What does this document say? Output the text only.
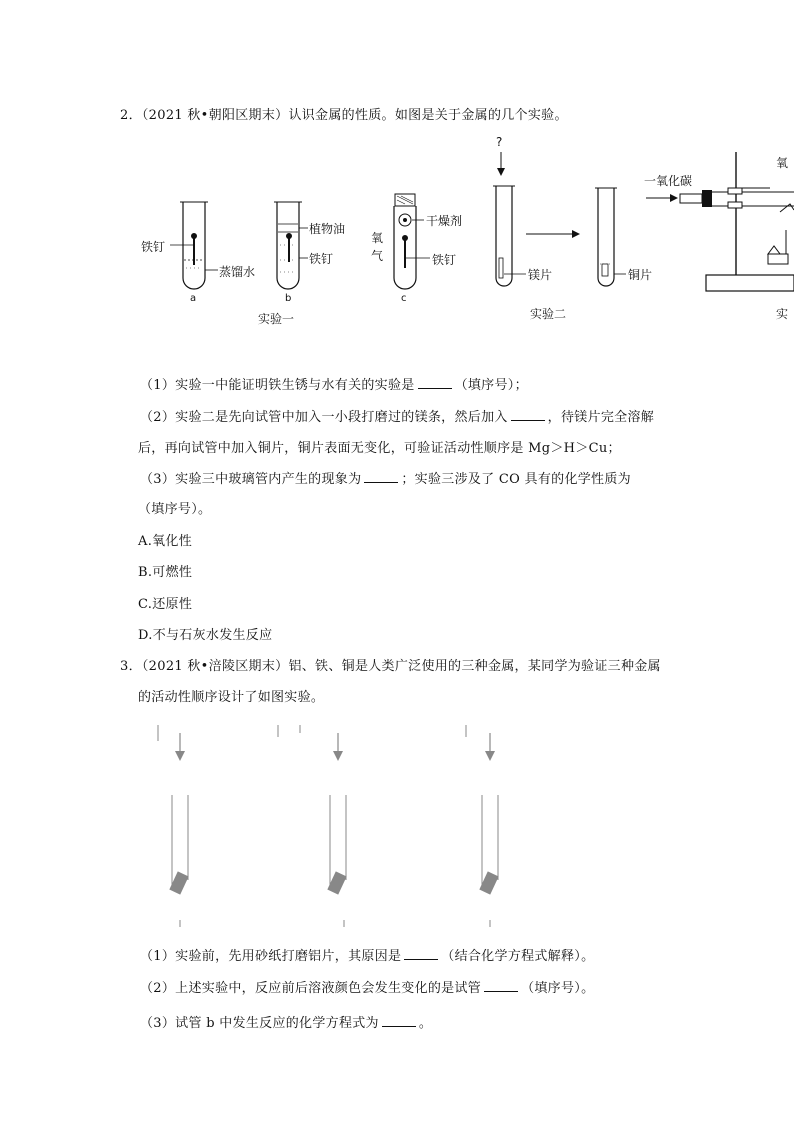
2．（2021 秋•朝阳区期末）认识金属的性质。如图是关于金属的几个实验。
铁钉
蒸馏水
a
植物油
铁钉
b
干燥剂
氧
气	铁钉
c
实验一
?
镁片	铜片
实验二
一氧化碳
氧
实
（1）实验一中能证明铁生锈与水有关的实验是	（填序号）；
（2）实验二是先向试管中加入一小段打磨过的镁条，然后加入	，待镁片完全溶解
后，再向试管中加入铜片，铜片表面无变化，可验证活动性顺序是 Mg＞H＞Cu；
（3）实验三中玻璃管内产生的现象为	；实验三涉及了 CO 具有的化学性质为
（填序号）。
A.氧化性
B.可燃性
C.还原性
D.不与石灰水发生反应
3．（2021 秋•涪陵区期末）铝、铁、铜是人类广泛使用的三种金属，某同学为验证三种金属
的活动性顺序设计了如图实验。
（1）实验前，先用砂纸打磨铝片，其原因是	（结合化学方程式解释）。
（2）上述实验中，反应前后溶液颜色会发生变化的是试管	（填序号）。
（3）试管 b 中发生反应的化学方程式为	。
